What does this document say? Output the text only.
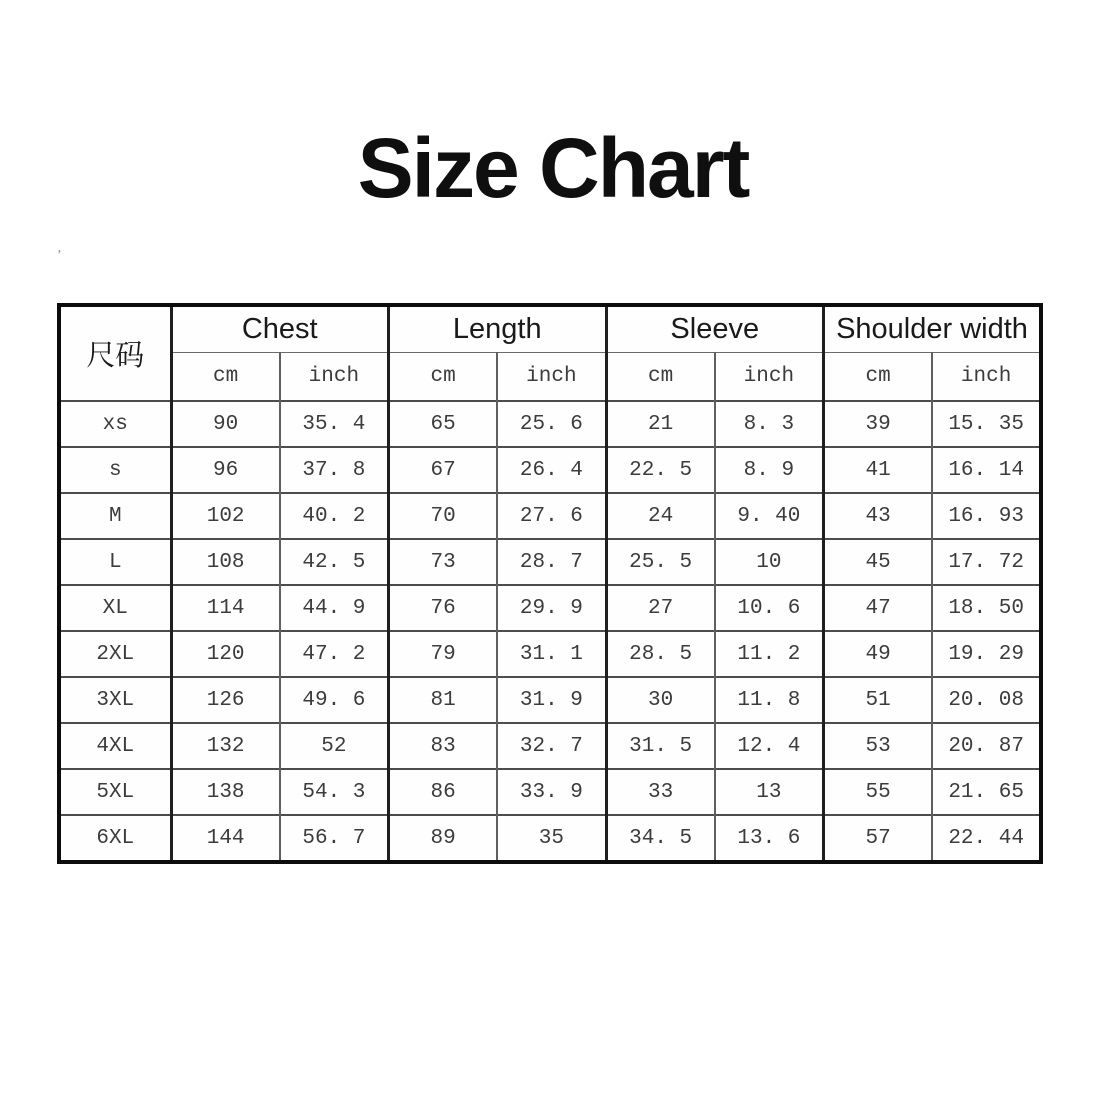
Size Chart
’
尺码	Chest		Length		Sleeve		Shoulder width	
	cm	inch	cm	inch	cm	inch	cm	inch
xs	90	35. 4	65	25. 6	21	8. 3	39	15. 35
s	96	37. 8	67	26. 4	22. 5	8. 9	41	16. 14
M	102	40. 2	70	27. 6	24	9. 40	43	16. 93
L	108	42. 5	73	28. 7	25. 5	10	45	17. 72
XL	114	44. 9	76	29. 9	27	10. 6	47	18. 50
2XL	120	47. 2	79	31. 1	28. 5	11. 2	49	19. 29
3XL	126	49. 6	81	31. 9	30	11. 8	51	20. 08
4XL	132	52	83	32. 7	31. 5	12. 4	53	20. 87
5XL	138	54. 3	86	33. 9	33	13	55	21. 65
6XL	144	56. 7	89	35	34. 5	13. 6	57	22. 44
